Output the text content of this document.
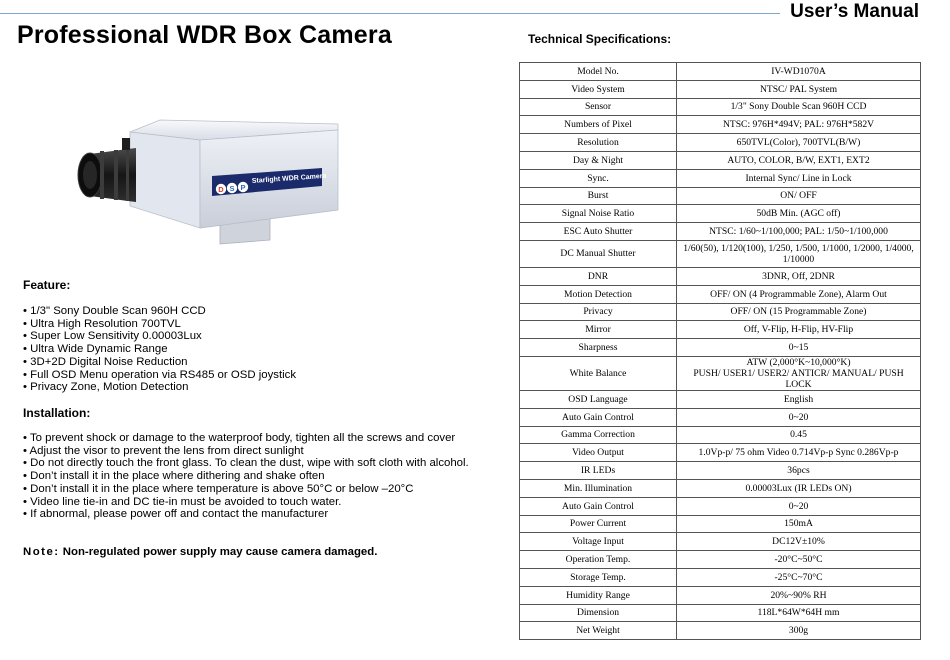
User’s Manual
Professional WDR Box Camera	Technical Specifications:
D S P
Starlight WDR Camera
Feature:
• 1/3" Sony Double Scan 960H CCD
• Ultra High Resolution 700TVL
• Super Low Sensitivity 0.00003Lux
• Ultra Wide Dynamic Range
• 3D+2D Digital Noise Reduction
• Full OSD Menu operation via RS485 or OSD joystick
• Privacy Zone, Motion Detection
Installation:
• To prevent shock or damage to the waterproof body, tighten all the screws and cover
• Adjust the visor to prevent the lens from direct sunlight
• Do not directly touch the front glass. To clean the dust, wipe with soft cloth with alcohol.
• Don’t install it in the place where dithering and shake often
• Don’t install it in the place where temperature is above 50°C or below –20°C
• Video line tie-in and DC tie-in must be avoided to touch water.
• If abnormal, please power off and contact the manufacturer
Note: Non-regulated power supply may cause camera damaged.
Model No.	IV-WD1070A
Video System	NTSC/ PAL System
Sensor	1/3" Sony Double Scan 960H CCD
Numbers of Pixel	NTSC: 976H*494V; PAL: 976H*582V
Resolution	650TVL(Color), 700TVL(B/W)
Day & Night	AUTO, COLOR, B/W, EXT1, EXT2
Sync.	Internal Sync/ Line in Lock
Burst	ON/ OFF
Signal Noise Ratio	50dB Min. (AGC off)
ESC Auto Shutter	NTSC: 1/60~1/100,000; PAL: 1/50~1/100,000
DC Manual Shutter	1/60(50), 1/120(100), 1/250, 1/500, 1/1000, 1/2000, 1/4000, 1/10000
DNR	3DNR, Off, 2DNR
Motion Detection	OFF/ ON (4 Programmable Zone), Alarm Out
Privacy	OFF/ ON (15 Programmable Zone)
Mirror	Off, V-Flip, H-Flip, HV-Flip
Sharpness	0~15
White Balance	ATW (2,000°K~10,000°K)
PUSH/ USER1/ USER2/ ANTICR/ MANUAL/ PUSH LOCK
OSD Language	English
Auto Gain Control	0~20
Gamma Correction	0.45
Video Output	1.0Vp-p/ 75 ohm Video 0.714Vp-p Sync 0.286Vp-p
IR LEDs	36pcs
Min. Illumination	0.00003Lux (IR LEDs ON)
Auto Gain Control	0~20
Power Current	150mA
Voltage Input	DC12V±10%
Operation Temp.	-20°C~50°C
Storage Temp.	-25°C~70°C
Humidity Range	20%~90% RH
Dimension	118L*64W*64H mm
Net Weight	300g
